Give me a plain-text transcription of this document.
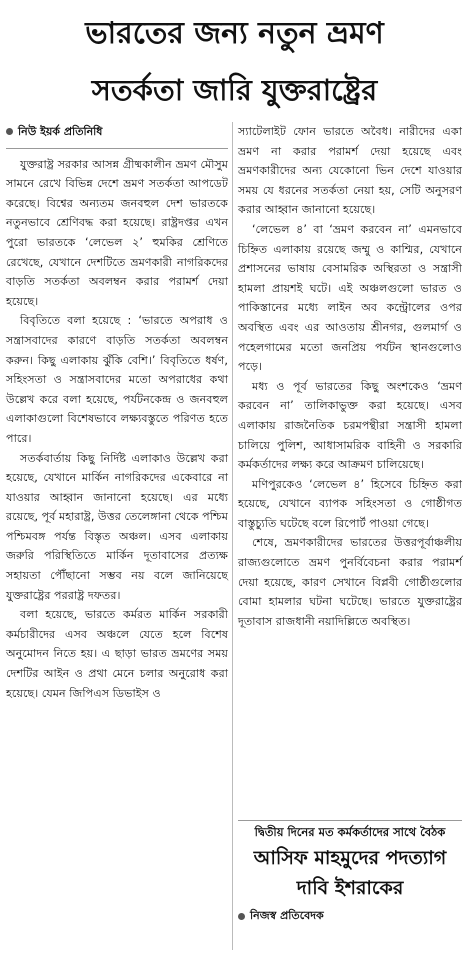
ভারতের জন্য নতুন ভ্রমণ
সতর্কতা জারি যুক্তরাষ্ট্রের
নিউ ইয়র্ক প্রতিনিধি

যুক্তরাষ্ট্র সরকার আসন্ন গ্রীষ্মকালীন ভ্রমণ মৌসুম সামনে রেখে বিভিন্ন দেশে ভ্রমণ সতর্কতা আপডেট করেছে। বিশ্বের অন্যতম জনবহুল দেশ ভারতকে নতুনভাবে শ্রেণিবদ্ধ করা হয়েছে। রাষ্ট্রদপ্তর এখন পুরো ভারতকে ‘লেভেল ২’ হুমকির শ্রেণিতে রেখেছে, যেখানে দেশটিতে ভ্রমণকারী নাগরিকদের বাড়তি সতর্কতা অবলম্বন করার পরামর্শ দেয়া হয়েছে।

বিবৃতিতে বলা হয়েছে : ‘ভারতে অপরাধ ও সন্ত্রাসবাদের কারণে বাড়তি সতর্কতা অবলম্বন করুন। কিছু এলাকায় ঝুঁকি বেশি।’ বিবৃতিতে ধর্ষণ, সহিংসতা ও সন্ত্রাসবাদের মতো অপরাধের কথা উল্লেখ করে বলা হয়েছে, পর্যটনকেন্দ্র ও জনবহুল এলাকাগুলো বিশেষভাবে লক্ষ্যবস্তুতে পরিণত হতে পারে।

সতর্কবার্তায় কিছু নির্দিষ্ট এলাকাও উল্লেখ করা হয়েছে, যেখানে মার্কিন নাগরিকদের একেবারে না যাওয়ার আহ্বান জানানো হয়েছে। এর মধ্যে রয়েছে, পূর্ব মহারাষ্ট্র, উত্তর তেলেঙ্গানা থেকে পশ্চিম পশ্চিমবঙ্গ পর্যন্ত বিস্তৃত অঞ্চল। এসব এলাকায় জরুরি পরিস্থিতিতে মার্কিন দূতাবাসের প্রত্যক্ষ সহায়তা পৌঁছানো সম্ভব নয় বলে জানিয়েছে যুক্তরাষ্ট্রের পররাষ্ট্র দফতর।

বলা হয়েছে, ভারতে কর্মরত মার্কিন সরকারী কর্মচারীদের এসব অঞ্চলে যেতে হলে বিশেষ অনুমোদন নিতে হয়। এ ছাড়া ভারত ভ্রমণের সময় দেশটির আইন ও প্রথা মেনে চলার অনুরোধ করা হয়েছে। যেমন জিপিএস ডিভাইস ও

স্যাটেলাইট ফোন ভারতে অবৈধ। নারীদের একা ভ্রমণ না করার পরামর্শ দেয়া হয়েছে এবং ভ্রমণকারীদের অন্য যেকোনো ভিন দেশে যাওয়ার সময় যে ধরনের সতর্কতা নেয়া হয়, সেটি অনুসরণ করার আহ্বান জানানো হয়েছে।

‘লেভেল ৪’ বা ‘ভ্রমণ করবেন না’ এমনভাবে চিহ্নিত এলাকায় রয়েছে জম্মু ও কাশ্মির, যেখানে প্রশাসনের ভাষায় বেসামরিক অস্থিরতা ও সন্ত্রাসী হামলা প্রায়শই ঘটে। এই অঞ্চলগুলো ভারত ও পাকিস্তানের মধ্যে লাইন অব কন্ট্রোলের ওপর অবস্থিত এবং এর আওতায় শ্রীনগর, গুলমার্গ ও পহেলগামের মতো জনপ্রিয় পর্যটন স্থানগুলোও পড়ে।

মধ্য ও পূর্ব ভারতের কিছু অংশকেও ‘ভ্রমণ করবেন না’ তালিকাভুক্ত করা হয়েছে। এসব এলাকায় রাজনৈতিক চরমপন্থীরা সন্ত্রাসী হামলা চালিয়ে পুলিশ, আধাসামরিক বাহিনী ও সরকারি কর্মকর্তাদের লক্ষ্য করে আক্রমণ চালিয়েছে।

মণিপুরকেও ‘লেভেল ৪’ হিসেবে চিহ্নিত করা হয়েছে, যেখানে ব্যাপক সহিংসতা ও গোষ্ঠীগত বাস্তুচ্যুতি ঘটেছে বলে রিপোর্ট পাওয়া গেছে।

শেষে, ভ্রমণকারীদের ভারতের উত্তরপূর্বাঞ্চলীয় রাজ্যগুলোতে ভ্রমণ পুনর্বিবেচনা করার পরামর্শ দেয়া হয়েছে, কারণ সেখানে বিপ্লবী গোষ্ঠীগুলোর বোমা হামলার ঘটনা ঘটেছে। ভারতে যুক্তরাষ্ট্রের দূতাবাস রাজধানী নয়াদিল্লিতে অবস্থিত।

দ্বিতীয় দিনের মত কর্মকর্তাদের সাথে বৈঠক
আসিফ মাহমুদের পদত্যাগ
দাবি ইশরাকের
নিজস্ব প্রতিবেদক
